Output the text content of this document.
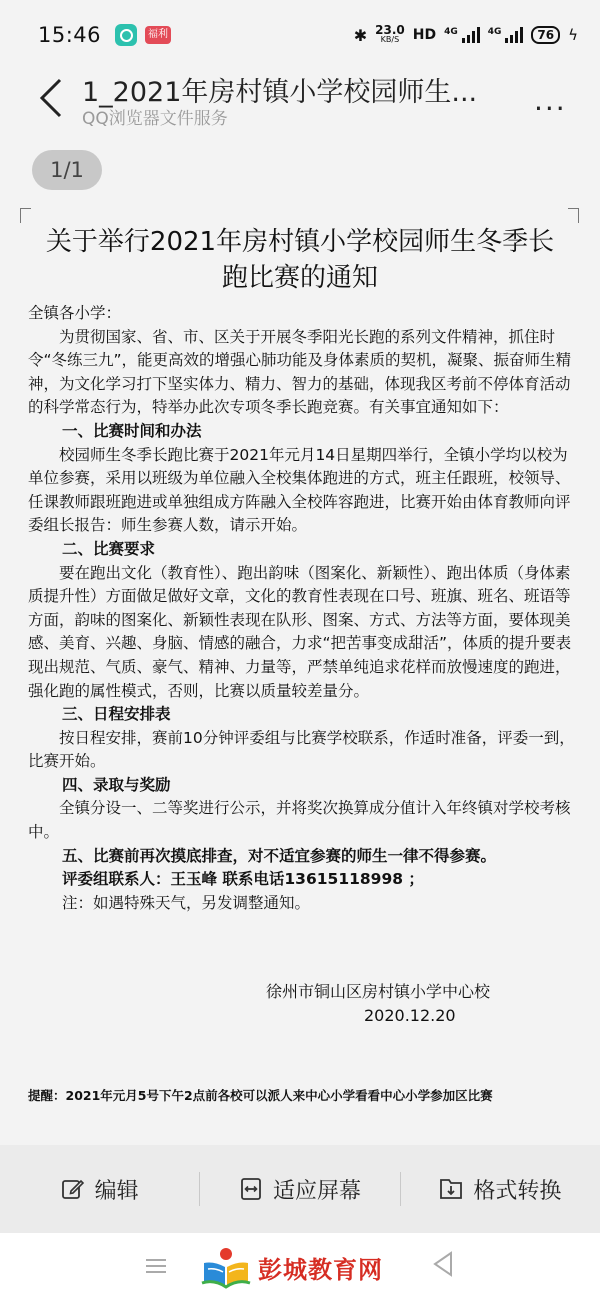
15:46	福利	✱ 23.0
KB/S HD 4G	4G	76 ϟ
1_2021年房村镇小学校园师生...
QQ浏览器文件服务
...
1/1
关于举行2021年房村镇小学校园师生冬季长跑比赛的通知

全镇各小学：

为贯彻国家、省、市、区关于开展冬季阳光长跑的系列文件精神，抓住时令“冬练三九”，能更高效的增强心肺功能及身体素质的契机，凝聚、振奋师生精神，为文化学习打下坚实体力、精力、智力的基础，体现我区考前不停体育活动的科学常态行为，特举办此次专项冬季长跑竞赛。有关事宜通知如下：

一、比赛时间和办法

校园师生冬季长跑比赛于2021年元月14日星期四举行，全镇小学均以校为单位参赛，采用以班级为单位融入全校集体跑进的方式，班主任跟班，校领导、任课教师跟班跑进或单独组成方阵融入全校阵容跑进，比赛开始由体育教师向评委组长报告：师生参赛人数，请示开始。

二、比赛要求

要在跑出文化（教育性）、跑出韵味（图案化、新颖性）、跑出体质（身体素质提升性）方面做足做好文章，文化的教育性表现在口号、班旗、班名、班语等方面，韵味的图案化、新颖性表现在队形、图案、方式、方法等方面，要体现美感、美育、兴趣、身脑、情感的融合，力求“把苦事变成甜活”，体质的提升要表现出规范、气质、豪气、精神、力量等，严禁单纯追求花样而放慢速度的跑进，强化跑的属性模式，否则，比赛以质量较差量分。

三、日程安排表

按日程安排，赛前10分钟评委组与比赛学校联系，作适时准备，评委一到，比赛开始。

四、录取与奖励

全镇分设一、二等奖进行公示，并将奖次换算成分值计入年终镇对学校考核中。

五、比赛前再次摸底排查，对不适宜参赛的师生一律不得参赛。

评委组联系人：王玉峰 联系电话13615118998 ；

注：如遇特殊天气，另发调整通知。

徐州市铜山区房村镇小学中心校
2020.12.20
提醒：2021年元月5号下午2点前各校可以派人来中心小学看看中心小学参加区比赛
编辑	适应屏幕	格式转换
彭城教育网
